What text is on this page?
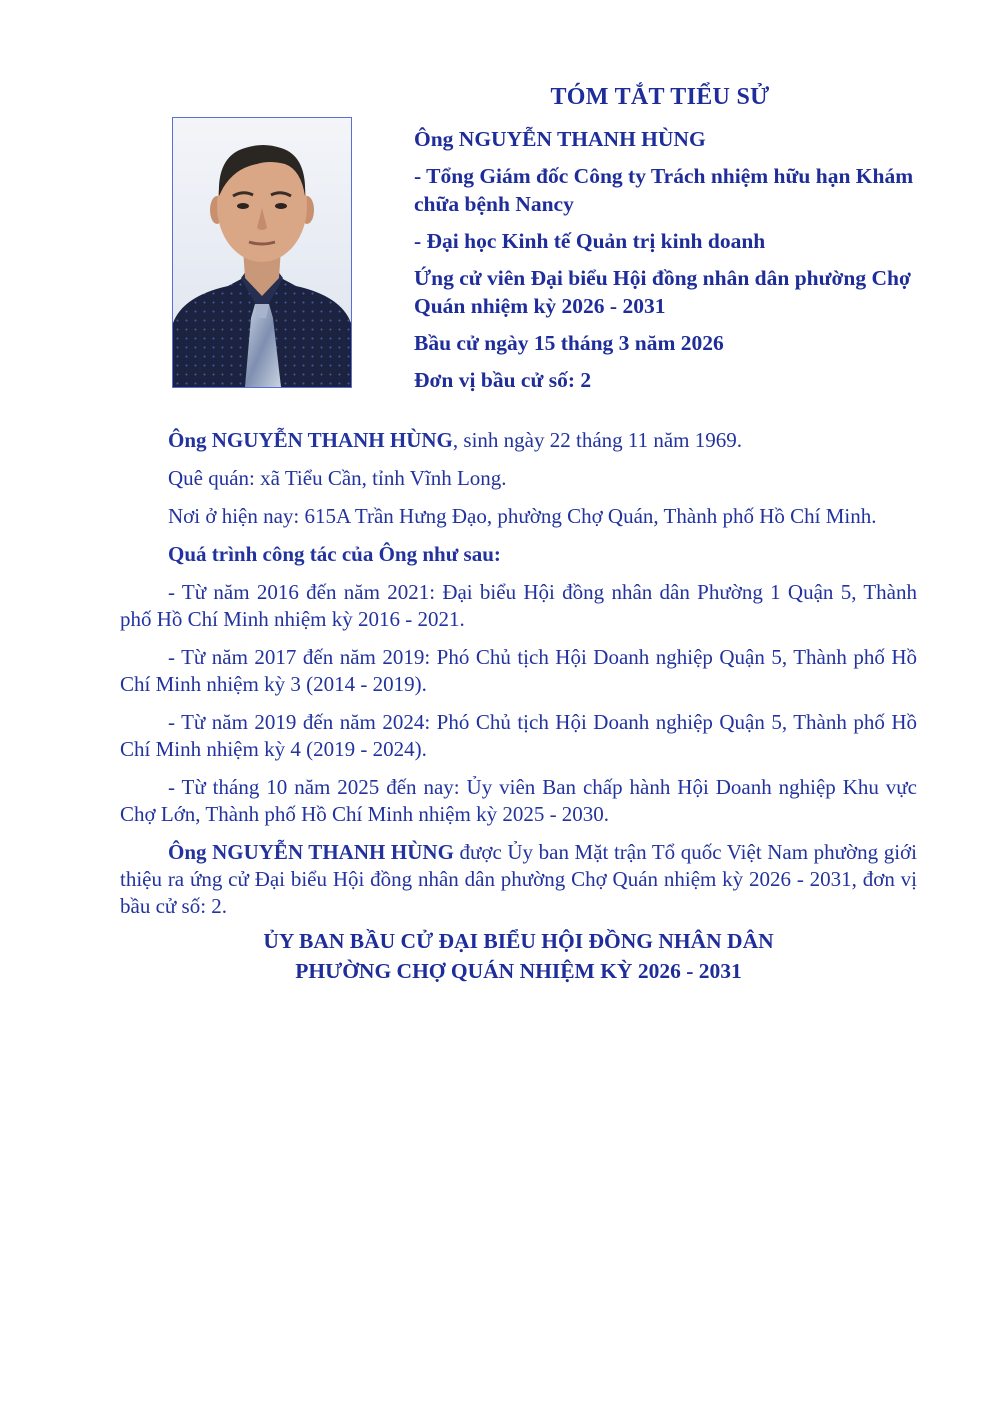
TÓM TẮT TIỂU SỬ

Ông NGUYỄN THANH HÙNG

- Tổng Giám đốc Công ty Trách nhiệm hữu hạn Khám chữa bệnh Nancy

- Đại học Kinh tế Quản trị kinh doanh

Ứng cử viên Đại biểu Hội đồng nhân dân phường Chợ Quán nhiệm kỳ 2026 - 2031

Bầu cử ngày 15 tháng 3 năm 2026

Đơn vị bầu cử số: 2

Ông NGUYỄN THANH HÙNG, sinh ngày 22 tháng 11 năm 1969.

Quê quán: xã Tiểu Cần, tỉnh Vĩnh Long.

Nơi ở hiện nay: 615A Trần Hưng Đạo, phường Chợ Quán, Thành phố Hồ Chí Minh.

Quá trình công tác của Ông như sau:

- Từ năm 2016 đến năm 2021: Đại biểu Hội đồng nhân dân Phường 1 Quận 5, Thành phố Hồ Chí Minh nhiệm kỳ 2016 - 2021.

- Từ năm 2017 đến năm 2019: Phó Chủ tịch Hội Doanh nghiệp Quận 5, Thành phố Hồ Chí Minh nhiệm kỳ 3 (2014 - 2019).

- Từ năm 2019 đến năm 2024: Phó Chủ tịch Hội Doanh nghiệp Quận 5, Thành phố Hồ Chí Minh nhiệm kỳ 4 (2019 - 2024).

- Từ tháng 10 năm 2025 đến nay: Ủy viên Ban chấp hành Hội Doanh nghiệp Khu vực Chợ Lớn, Thành phố Hồ Chí Minh nhiệm kỳ 2025 - 2030.

Ông NGUYỄN THANH HÙNG được Ủy ban Mặt trận Tổ quốc Việt Nam phường giới thiệu ra ứng cử Đại biểu Hội đồng nhân dân phường Chợ Quán nhiệm kỳ 2026 - 2031, đơn vị bầu cử số: 2.

ỦY BAN BẦU CỬ ĐẠI BIỂU HỘI ĐỒNG NHÂN DÂN
PHƯỜNG CHỢ QUÁN NHIỆM KỲ 2026 - 2031
